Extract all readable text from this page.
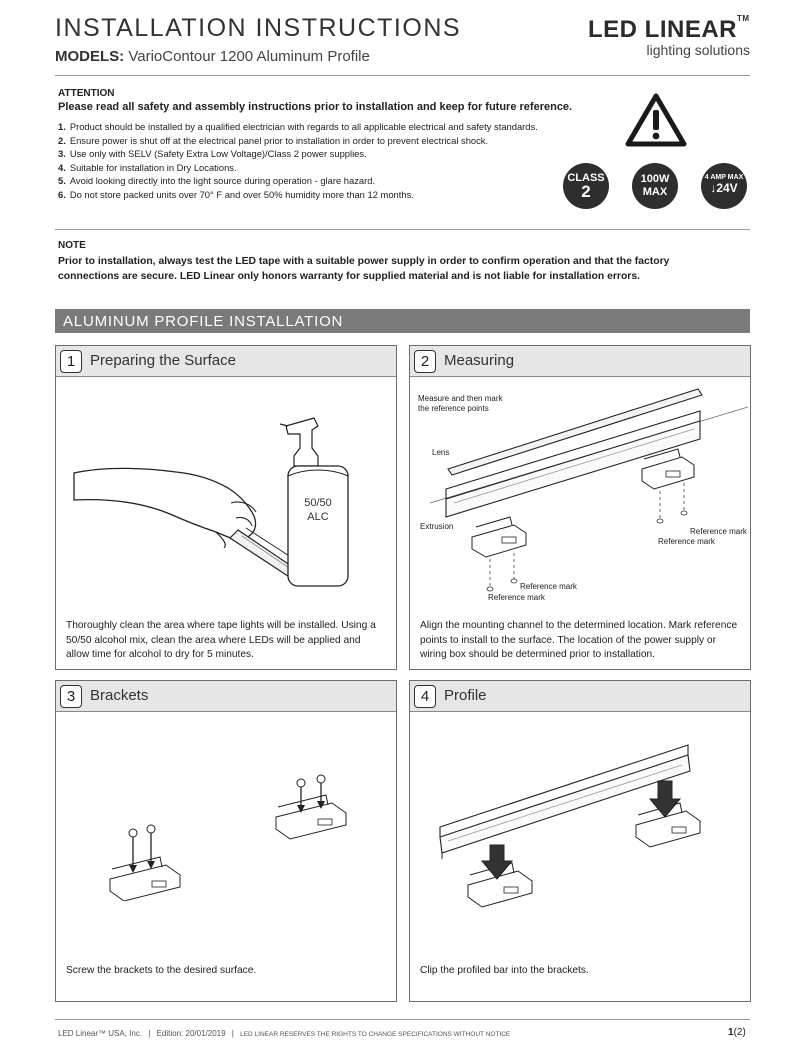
INSTALLATION INSTRUCTIONS
MODELS: VarioContour 1200 Aluminum Profile
LED LINEAR™
lighting solutions
ATTENTION
Please read all safety and assembly instructions prior to installation and keep for future reference.
1. Product should be installed by a qualified electrician with regards to all applicable electrical and safety standards.
2. Ensure power is shut off at the electrical panel prior to installation in order to prevent electrical shock.
3. Use only with SELV (Safety Extra Low Voltage)/Class 2 power supplies.
4. Suitable for installation in Dry Locations.
5. Avoid looking directly into the light source during operation - glare hazard.
6. Do not store packed units over 70° F and over 50% humidity more than 12 months.
CLASS
2
100W
MAX
4 AMP MAX
↓24V
NOTE
Prior to installation, always test the LED tape with a suitable power supply in order to confirm operation and that the factory connections are secure. LED Linear only honors warranty for supplied material and is not liable for installation errors.
ALUMINUM PROFILE INSTALLATION
1 Preparing the Surface
50/50
ALC
Thoroughly clean the area where tape lights will be installed. Using a 50/50 alcohol mix, clean the area where LEDs will be applied and allow time for alcohol to dry for 5 minutes.
2 Measuring
Measure and then mark
the reference points
Lens
Extrusion
Reference mark
Reference mark
Reference mark
Reference mark
Align the mounting channel to the determined location. Mark reference points to install to the surface. The location of the power supply or wiring box should be determined prior to installation.
3 Brackets
Screw the brackets to the desired surface.
4 Profile
Clip the profiled bar into the brackets.
LED Linear™ USA, Inc. | Edition: 20/01/2019 | LED LINEAR RESERVES THE RIGHTS TO CHANGE SPECIFICATIONS WITHOUT NOTICE	1(2)
